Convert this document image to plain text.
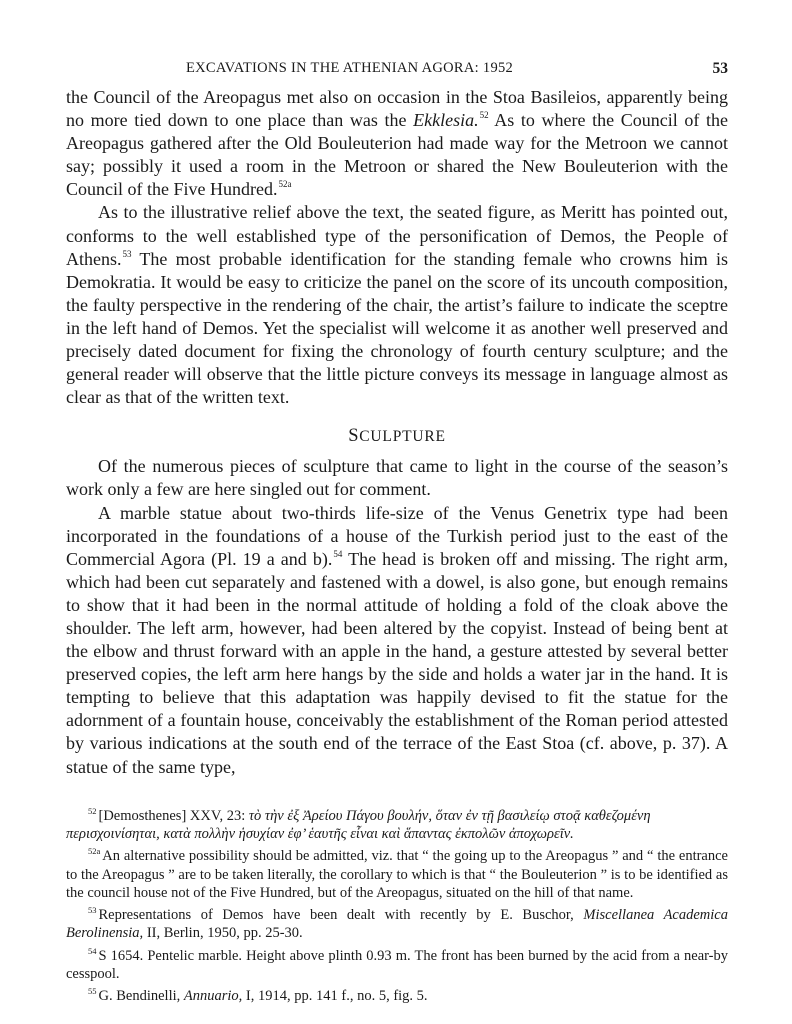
EXCAVATIONS IN THE ATHENIAN AGORA: 1952	53

the Council of the Areopagus met also on occasion in the Stoa Basileios, apparently being no more tied down to one place than was the Ekklesia.$^{52}$ As to where the Council of the Areopagus gathered after the Old Bouleuterion had made way for the Metroon we cannot say; possibly it used a room in the Metroon or shared the New Bouleuterion with the Council of the Five Hundred.$^{52a}$

As to the illustrative relief above the text, the seated figure, as Meritt has pointed out, conforms to the well established type of the personification of Demos, the People of Athens.$^{53}$ The most probable identification for the standing female who crowns him is Demokratia. It would be easy to criticize the panel on the score of its uncouth composition, the faulty perspective in the rendering of the chair, the artist’s failure to indicate the sceptre in the left hand of Demos. Yet the specialist will welcome it as another well preserved and precisely dated document for fixing the chronology of fourth century sculpture; and the general reader will observe that the little picture conveys its message in language almost as clear as that of the written text.

SCULPTURE

Of the numerous pieces of sculpture that came to light in the course of the season’s work only a few are here singled out for comment.

A marble statue about two-thirds life-size of the Venus Genetrix type had been incorporated in the foundations of a house of the Turkish period just to the east of the Commercial Agora (Pl. 19 a and b).$^{54}$ The head is broken off and missing. The right arm, which had been cut separately and fastened with a dowel, is also gone, but enough remains to show that it had been in the normal attitude of holding a fold of the cloak above the shoulder. The left arm, however, had been altered by the copyist. Instead of being bent at the elbow and thrust forward with an apple in the hand, a gesture attested by several better preserved copies, the left arm here hangs by the side and holds a water jar in the hand. It is tempting to believe that this adaptation was happily devised to fit the statue for the adornment of a fountain house, conceivably the establishment of the Roman period attested by various indications at the south end of the terrace of the East Stoa (cf. above, p. 37). A statue of the same type,

$^{52}$ [Demosthenes] XXV, 23: τὸ τὴν ἐξ Ἀρείου Πάγου βουλήν, ὅταν ἐν τῇ βασιλείῳ στοᾷ καθεζομένη

περισχοινίσηται, κατὰ πολλὴν ἡσυχίαν ἐφ’ ἑαυτῆς εἶναι καὶ ἅπαντας ἐκπολῶν ἀποχωρεῖν.

$^{52a}$ An alternative possibility should be admitted, viz. that “ the going up to the Areopagus ” and “ the entrance to the Areopagus ” are to be taken literally, the corollary to which is that “ the Bouleuterion ” is to be identified as the council house not of the Five Hundred, but of the Areopagus, situated on the hill of that name.

$^{53}$ Representations of Demos have been dealt with recently by E. Buschor, Miscellanea Academica Berolinensia, II, Berlin, 1950, pp. 25-30.

$^{54}$ S 1654. Pentelic marble. Height above plinth 0.93 m. The front has been burned by the acid from a near-by cesspool.

$^{55}$ G. Bendinelli, Annuario, I, 1914, pp. 141 f., no. 5, fig. 5.
